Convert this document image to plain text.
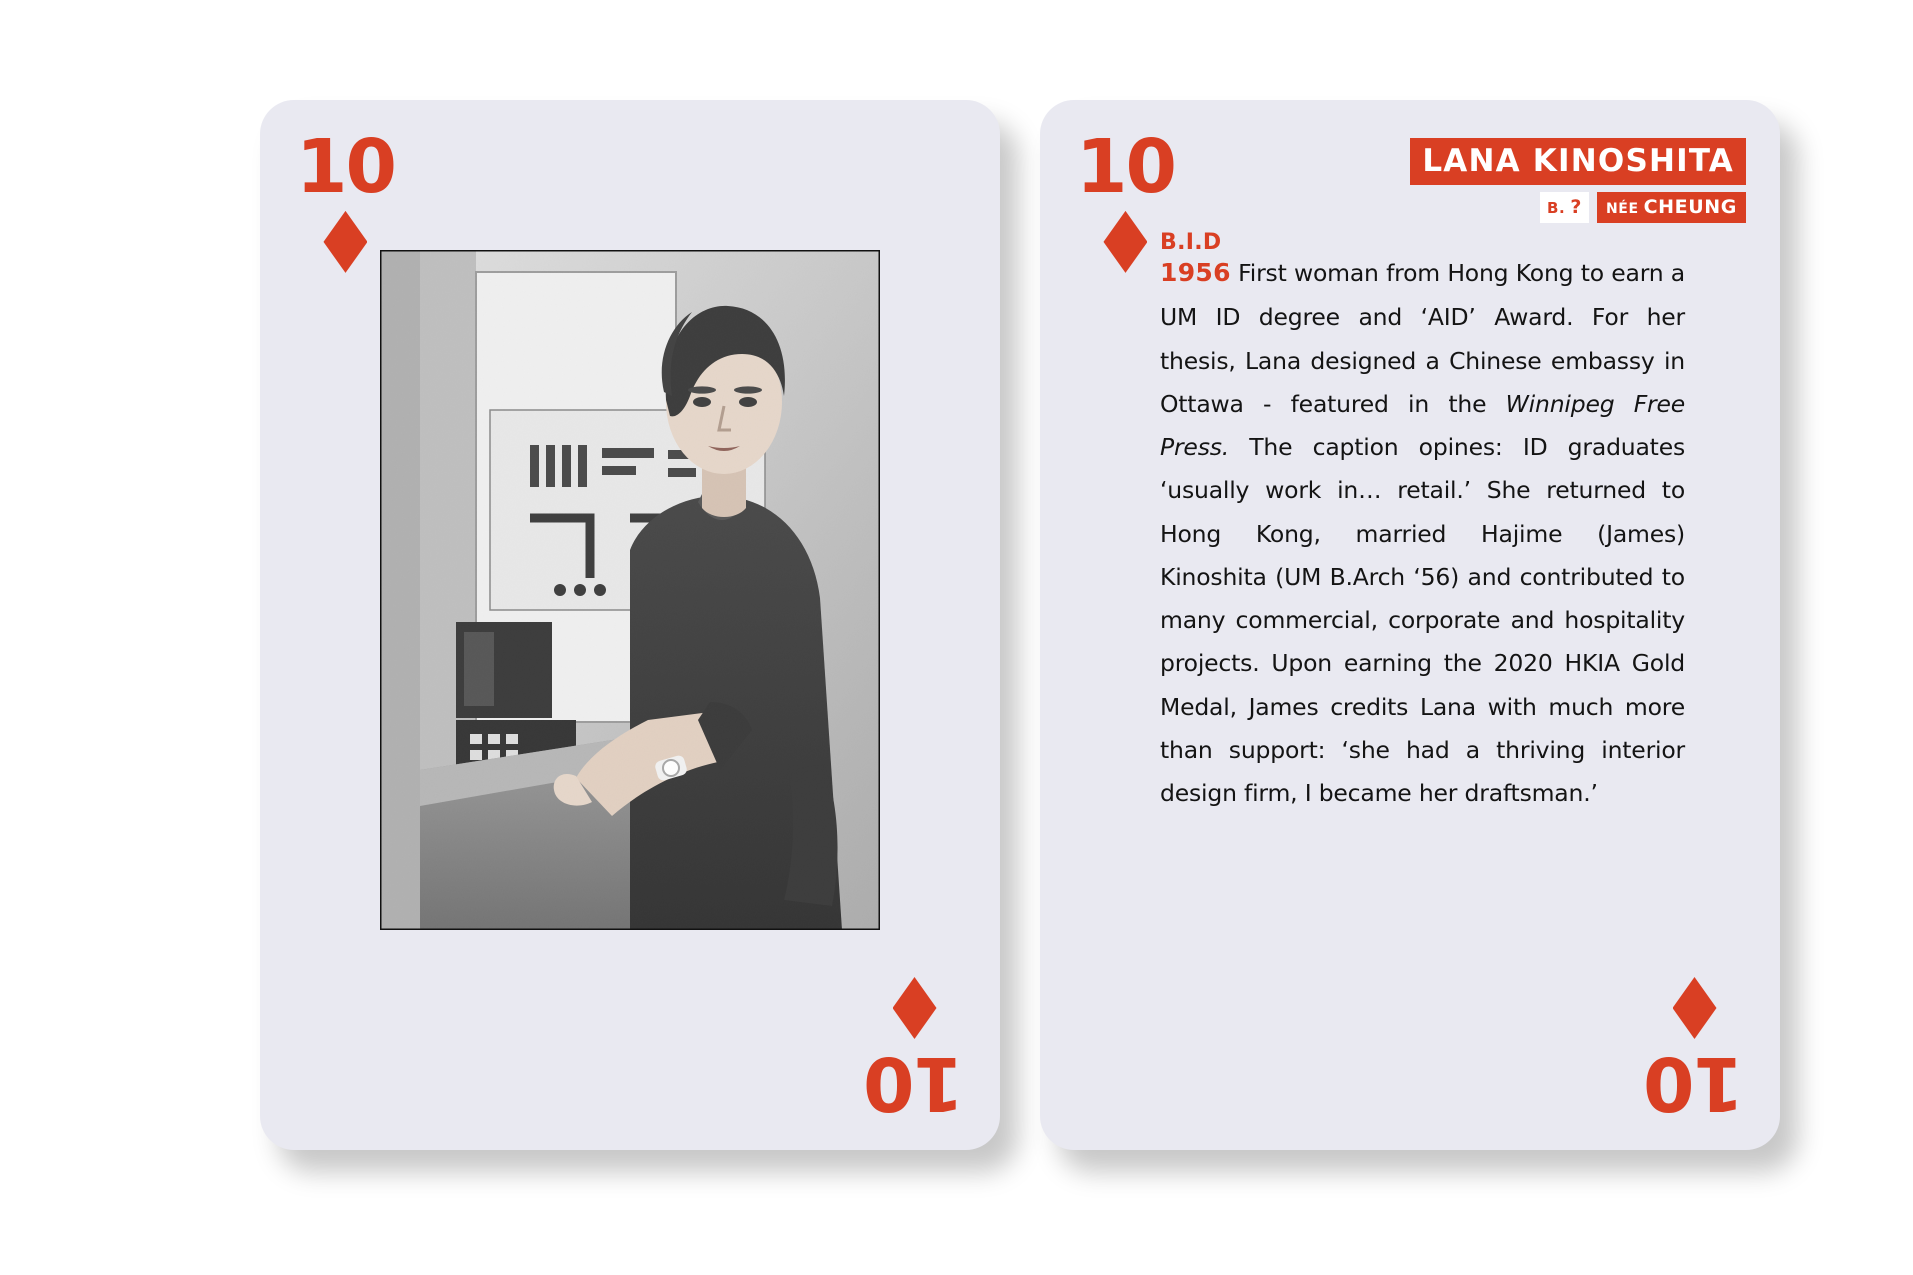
10
10
10	LANA KINOSHITA
B. ? NÉE CHEUNG
B.I.D
1956 First woman from Hong Kong to earn a UM ID degree and ‘AID’ Award. For her thesis, Lana designed a Chinese embassy in Ottawa - featured in the Winnipeg Free Press. The caption opines: ID graduates ‘usually work in… retail.’ She returned to Hong Kong, married Hajime (James) Kinoshita (UM B.Arch ‘56) and contributed to many commercial, corporate and hospitality projects. Upon earning the 2020 HKIA Gold Medal, James credits Lana with much more than support: ‘she had a thriving interior design firm, I became her draftsman.’
10
